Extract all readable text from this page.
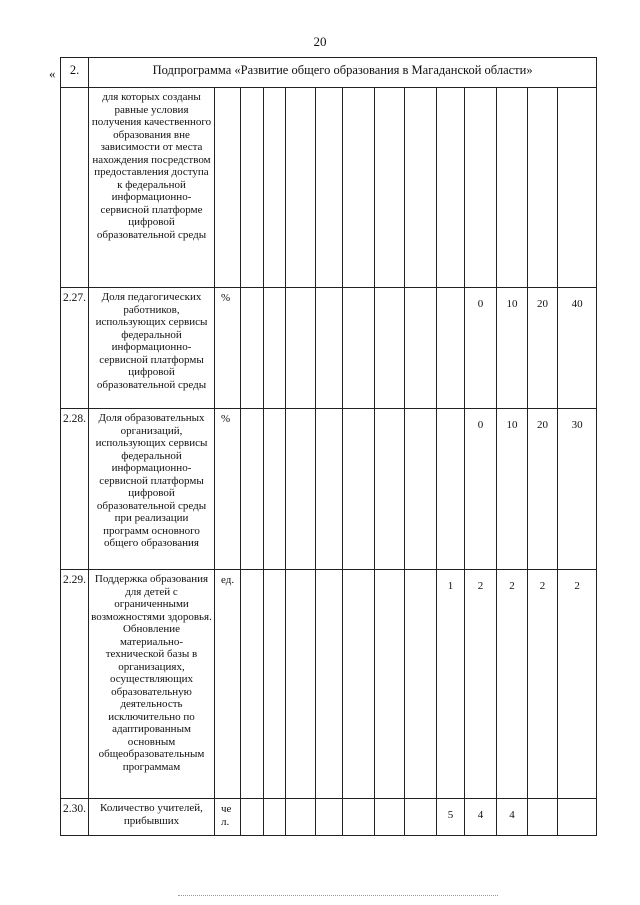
20
« 2.	Подпрограмма «Развитие общего образования в Магаданской области»													
	для которых созданы равные условия получения качественного образования вне зависимости от места нахождения посредством предоставления доступа к федеральной информационно-сервисной платформе цифровой образовательной среды													
2.27.	Доля педагогических работников, использующих сервисы федеральной информационно-сервисной платформы цифровой образовательной среды	%									0	10	20	40
2.28.	Доля образовательных организаций, использующих сервисы федеральной информационно-сервисной платформы цифровой образовательной среды при реализации программ основного общего образования	%									0	10	20	30
2.29.	Поддержка образования для детей с ограниченными возможностями здоровья. Обновление материально-технической базы в организациях, осуществляющих образовательную деятельность исключительно по адаптированным основным общеобразовательным программам	ед.								1	2	2	2	2
2.30.	Количество учителей, прибывших	че л.								5	4	4		
